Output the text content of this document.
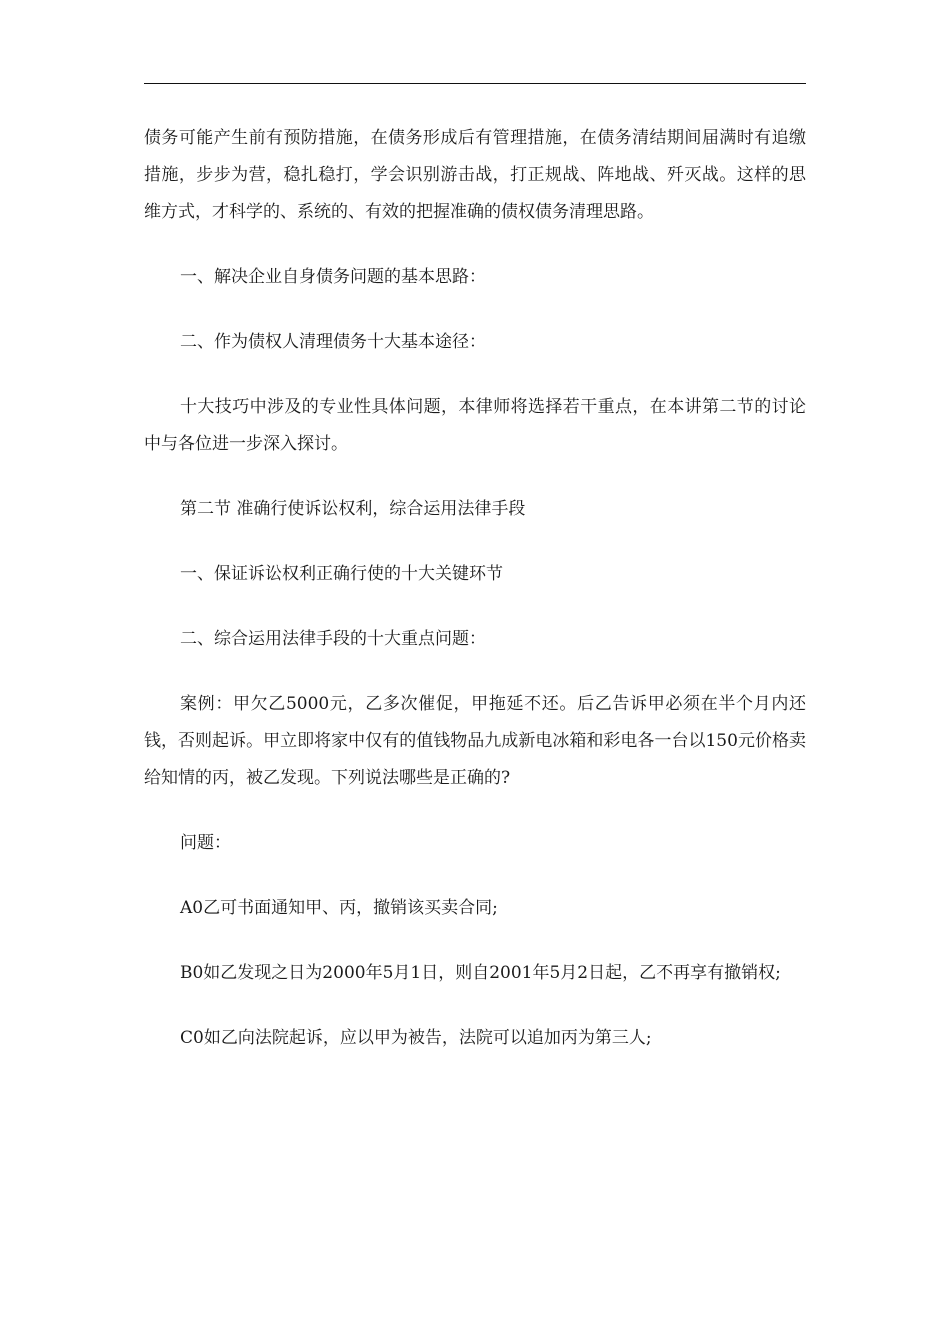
债务可能产生前有预防措施，在债务形成后有管理措施，在债务清结期间届满时有追缴措施，步步为营，稳扎稳打，学会识别游击战，打正规战、阵地战、歼灭战。这样的思维方式，才科学的、系统的、有效的把握准确的债权债务清理思路。

一、解决企业自身债务问题的基本思路：

二、作为债权人清理债务十大基本途径：

十大技巧中涉及的专业性具体问题，本律师将选择若干重点，在本讲第二节的讨论中与各位进一步深入探讨。

第二节 准确行使诉讼权利，综合运用法律手段

一、保证诉讼权利正确行使的十大关键环节

二、综合运用法律手段的十大重点问题：

案例：甲欠乙5000元，乙多次催促，甲拖延不还。后乙告诉甲必须在半个月内还钱，否则起诉。甲立即将家中仅有的值钱物品九成新电冰箱和彩电各一台以150元价格卖给知情的丙，被乙发现。下列说法哪些是正确的?

问题：

A0乙可书面通知甲、丙，撤销该买卖合同;

B0如乙发现之日为2000年5月1日，则自2001年5月2日起，乙不再享有撤销权;

C0如乙向法院起诉，应以甲为被告，法院可以追加丙为第三人;
